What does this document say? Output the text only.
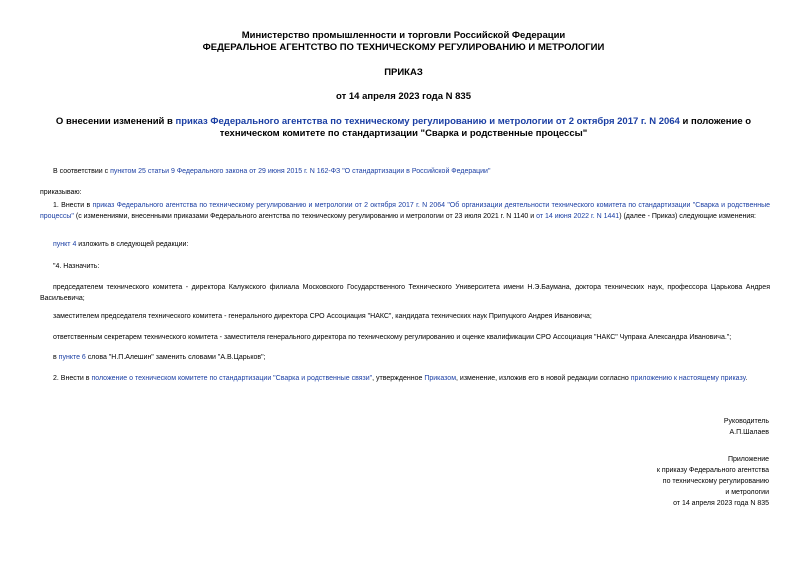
Министерство промышленности и торговли Российской Федерации
ФЕДЕРАЛЬНОЕ АГЕНТСТВО ПО ТЕХНИЧЕСКОМУ РЕГУЛИРОВАНИЮ И МЕТРОЛОГИИ
ПРИКАЗ
от 14 апреля 2023 года N 835
О внесении изменений в приказ Федерального агентства по техническому регулированию и метрологии от 2 октября 2017 г. N 2064 и положение о техническом комитете по стандартизации "Сварка и родственные процессы"
В соответствии с пунктом 25 статьи 9 Федерального закона от 29 июня 2015 г. N 162-ФЗ "О стандартизации в Российской Федерации"
приказываю:
1. Внести в приказ Федерального агентства по техническому регулированию и метрологии от 2 октября 2017 г. N 2064 "Об организации деятельности технического комитета по стандартизации "Сварка и родственные процессы" (с изменениями, внесенными приказами Федерального агентства по техническому регулированию и метрологии от 23 июля 2021 г. N 1140 и от 14 июня 2022 г. N 1441) (далее - Приказ) следующие изменения:
пункт 4 изложить в следующей редакции:
"4. Назначить:
председателем технического комитета - директора Калужского филиала Московского Государственного Технического Университета имени Н.Э.Баумана, доктора технических наук, профессора Царькова Андрея Васильевича;
заместителем председателя технического комитета - генерального директора СРО Ассоциация "НАКС", кандидата технических наук Припуцкого Андрея Ивановича;
ответственным секретарем технического комитета - заместителя генерального директора по техническому регулированию и оценке квалификации СРО Ассоциация "НАКС" Чупрака Александра Ивановича.";
в пункте 6 слова "Н.П.Алешин" заменить словами "А.В.Царьков";
2. Внести в положение о техническом комитете по стандартизации "Сварка и родственные связи", утвержденное Приказом, изменение, изложив его в новой редакции согласно приложению к настоящему приказу.
Руководитель
А.П.Шалаев
Приложение
к приказу Федерального агентства
по техническому регулированию
и метрологии
от 14 апреля 2023 года N 835
